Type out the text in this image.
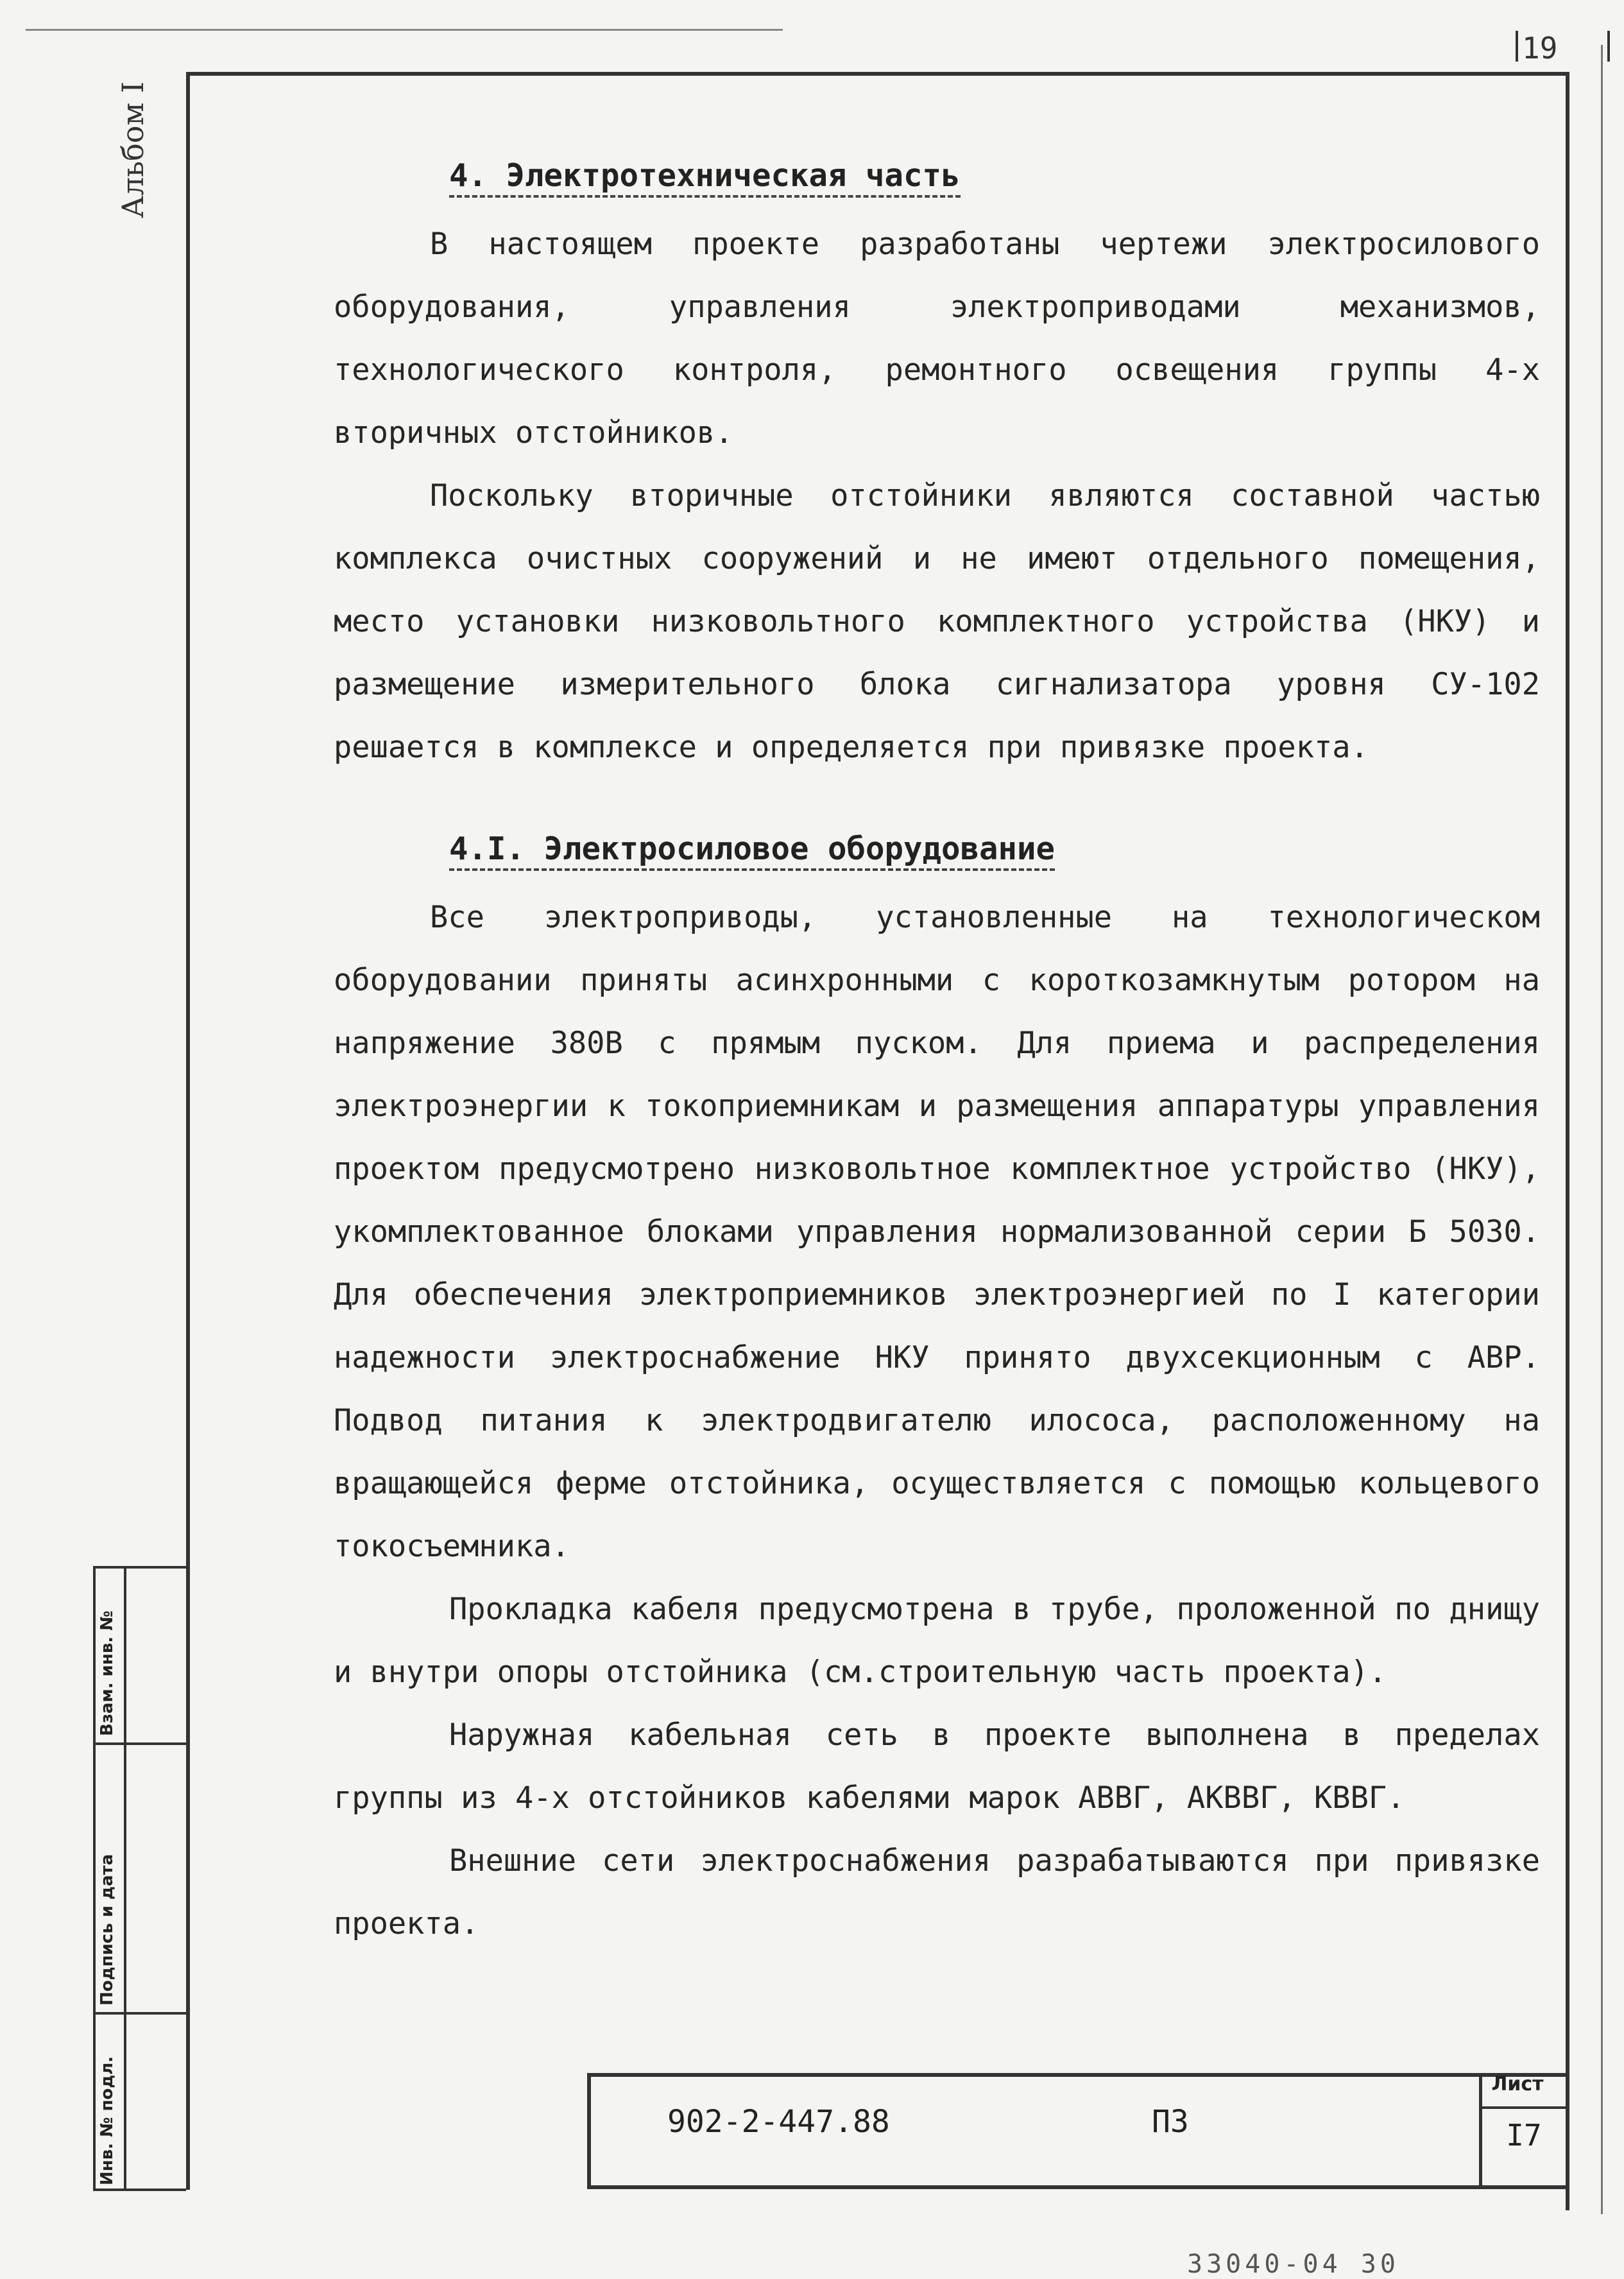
19
Альбом I
Инв. № подл.
Подпись и дата
Взам. инв. №
4. Электротехническая часть

В настоящем проекте разработаны чертежи электросилового оборудования, управления электроприводами механизмов, технологического контроля, ремонтного освещения группы 4-х вторичных отстойников.

Поскольку вторичные отстойники являются составной частью комплекса очистных сооружений и не имеют отдельного помещения, место установки низковольтного комплектного устройства (НКУ) и размещение измерительного блока сигнализатора уровня СУ-102 решается в комплексе и определяется при привязке проекта.

4.I. Электросиловое оборудование

Все электроприводы, установленные на технологическом оборудовании приняты асинхронными с короткозамкнутым ротором на напряжение 380В с прямым пуском. Для приема и распределения электроэнергии к токоприемникам и размещения аппаратуры управления проектом предусмотрено низковольтное комплектное устройство (НКУ), укомплектованное блоками управления нормализованной серии Б 5030. Для обеспечения электроприемников электроэнергией по I категории надежности электроснабжение НКУ принято двухсекционным с АВР. Подвод питания к электродвигателю илососа, расположенному на вращающейся ферме отстойника, осуществляется с помощью кольцевого токосъемника.

Прокладка кабеля предусмотрена в трубе, проложенной по днищу и внутри опоры отстойника (см.строительную часть проекта).

Наружная кабельная сеть в проекте выполнена в пределах группы из 4-х отстойников кабелями марок АВВГ, АКВВГ, КВВГ.

Внешние сети электроснабжения разрабатываются при привязке проекта.

902-2-447.88	ПЗ
Лист
I7
33040-04 30
